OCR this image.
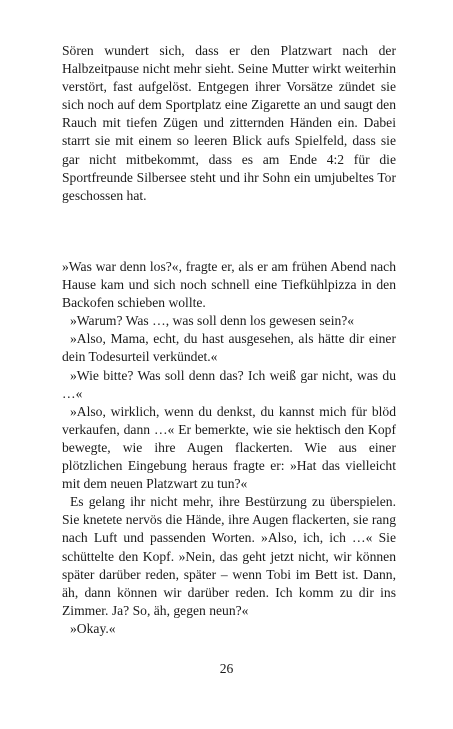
Sören wundert sich, dass er den Platzwart nach der Halbzeitpause nicht mehr sieht. Seine Mutter wirkt weiterhin verstört, fast aufgelöst. Entgegen ihrer Vorsätze zündet sie sich noch auf dem Sportplatz eine Zigarette an und saugt den Rauch mit tiefen Zügen und zitternden Händen ein. Dabei starrt sie mit einem so leeren Blick aufs Spielfeld, dass sie gar nicht mitbekommt, dass es am Ende 4:2 für die Sportfreunde Silbersee steht und ihr Sohn ein umjubeltes Tor geschossen hat.

»Was war denn los?«, fragte er, als er am frühen Abend nach Hause kam und sich noch schnell eine Tiefkühlpizza in den Backofen schieben wollte.

»Warum? Was …, was soll denn los gewesen sein?«

»Also, Mama, echt, du hast ausgesehen, als hätte dir einer dein Todesurteil verkündet.«

»Wie bitte? Was soll denn das? Ich weiß gar nicht, was du …«

»Also, wirklich, wenn du denkst, du kannst mich für blöd verkaufen, dann …« Er bemerkte, wie sie hektisch den Kopf bewegte, wie ihre Augen flackerten. Wie aus einer plötzlichen Eingebung heraus fragte er: »Hat das vielleicht mit dem neuen Platzwart zu tun?«

Es gelang ihr nicht mehr, ihre Bestürzung zu überspielen. Sie knetete nervös die Hände, ihre Augen flackerten, sie rang nach Luft und passenden Worten. »Also, ich, ich …« Sie schüttelte den Kopf. »Nein, das geht jetzt nicht, wir können später darüber reden, später – wenn Tobi im Bett ist. Dann, äh, dann können wir darüber reden. Ich komm zu dir ins Zimmer. Ja? So, äh, gegen neun?«

»Okay.«

26
